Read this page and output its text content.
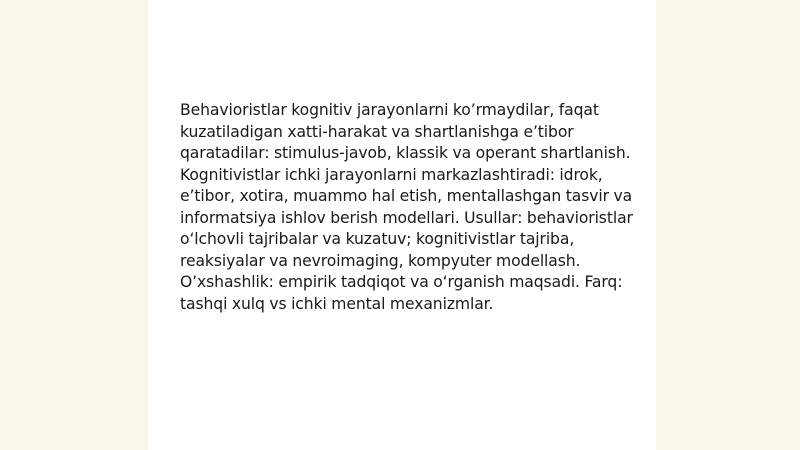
Behavioristlar kognitiv jarayonlarni ko’rmaydilar, faqat kuzatiladigan xatti-harakat va shartlanishga e’tibor qaratadilar: stimulus-javob, klassik va operant shartlanish. Kognitivistlar ichki jarayonlarni markazlashtiradi: idrok, e’tibor, xotira, muammo hal etish, mentallashgan tasvir va informatsiya ishlov berish modellari. Usullar: behavioristlar o‘lchovli tajribalar va kuzatuv; kognitivistlar tajriba, reaksiyalar va nevroimaging, kompyuter modellash. O’xshashlik: empirik tadqiqot va o‘rganish maqsadi. Farq: tashqi xulq vs ichki mental mexanizmlar.
